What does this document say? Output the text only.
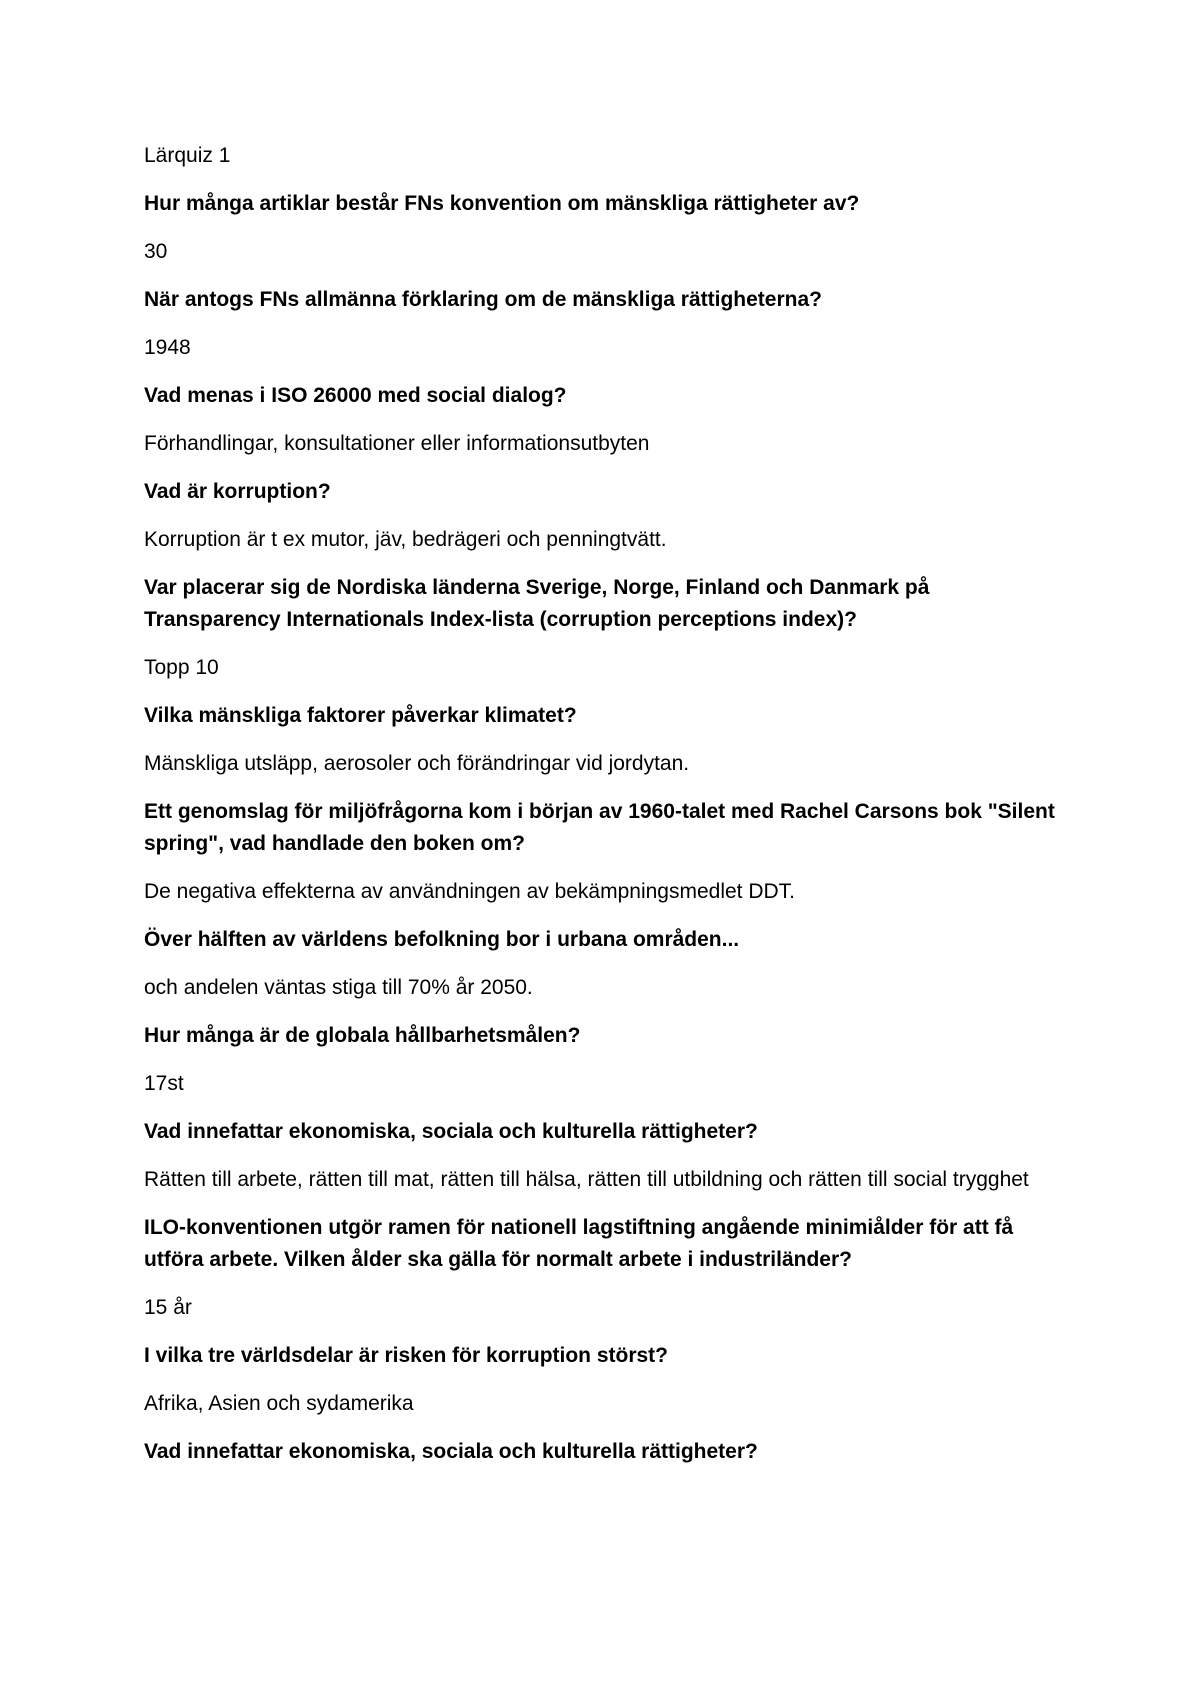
Lärquiz 1

Hur många artiklar består FNs konvention om mänskliga rättigheter av?

30

När antogs FNs allmänna förklaring om de mänskliga rättigheterna?

1948

Vad menas i ISO 26000 med social dialog?

Förhandlingar, konsultationer eller informationsutbyten

Vad är korruption?

Korruption är t ex mutor, jäv, bedrägeri och penningtvätt.

Var placerar sig de Nordiska länderna Sverige, Norge, Finland och Danmark på Transparency Internationals Index-lista (corruption perceptions index)?

Topp 10

Vilka mänskliga faktorer påverkar klimatet?

Mänskliga utsläpp, aerosoler och förändringar vid jordytan.

Ett genomslag för miljöfrågorna kom i början av 1960-talet med Rachel Carsons bok "Silent spring", vad handlade den boken om?

De negativa effekterna av användningen av bekämpningsmedlet DDT.

Över hälften av världens befolkning bor i urbana områden...

och andelen väntas stiga till 70% år 2050.

Hur många är de globala hållbarhetsmålen?

17st

Vad innefattar ekonomiska, sociala och kulturella rättigheter?

Rätten till arbete, rätten till mat, rätten till hälsa, rätten till utbildning och rätten till social trygghet

ILO-konventionen utgör ramen för nationell lagstiftning angående minimiålder för att få utföra arbete. Vilken ålder ska gälla för normalt arbete i industriländer?

15 år

I vilka tre världsdelar är risken för korruption störst?

Afrika, Asien och sydamerika

Vad innefattar ekonomiska, sociala och kulturella rättigheter?
